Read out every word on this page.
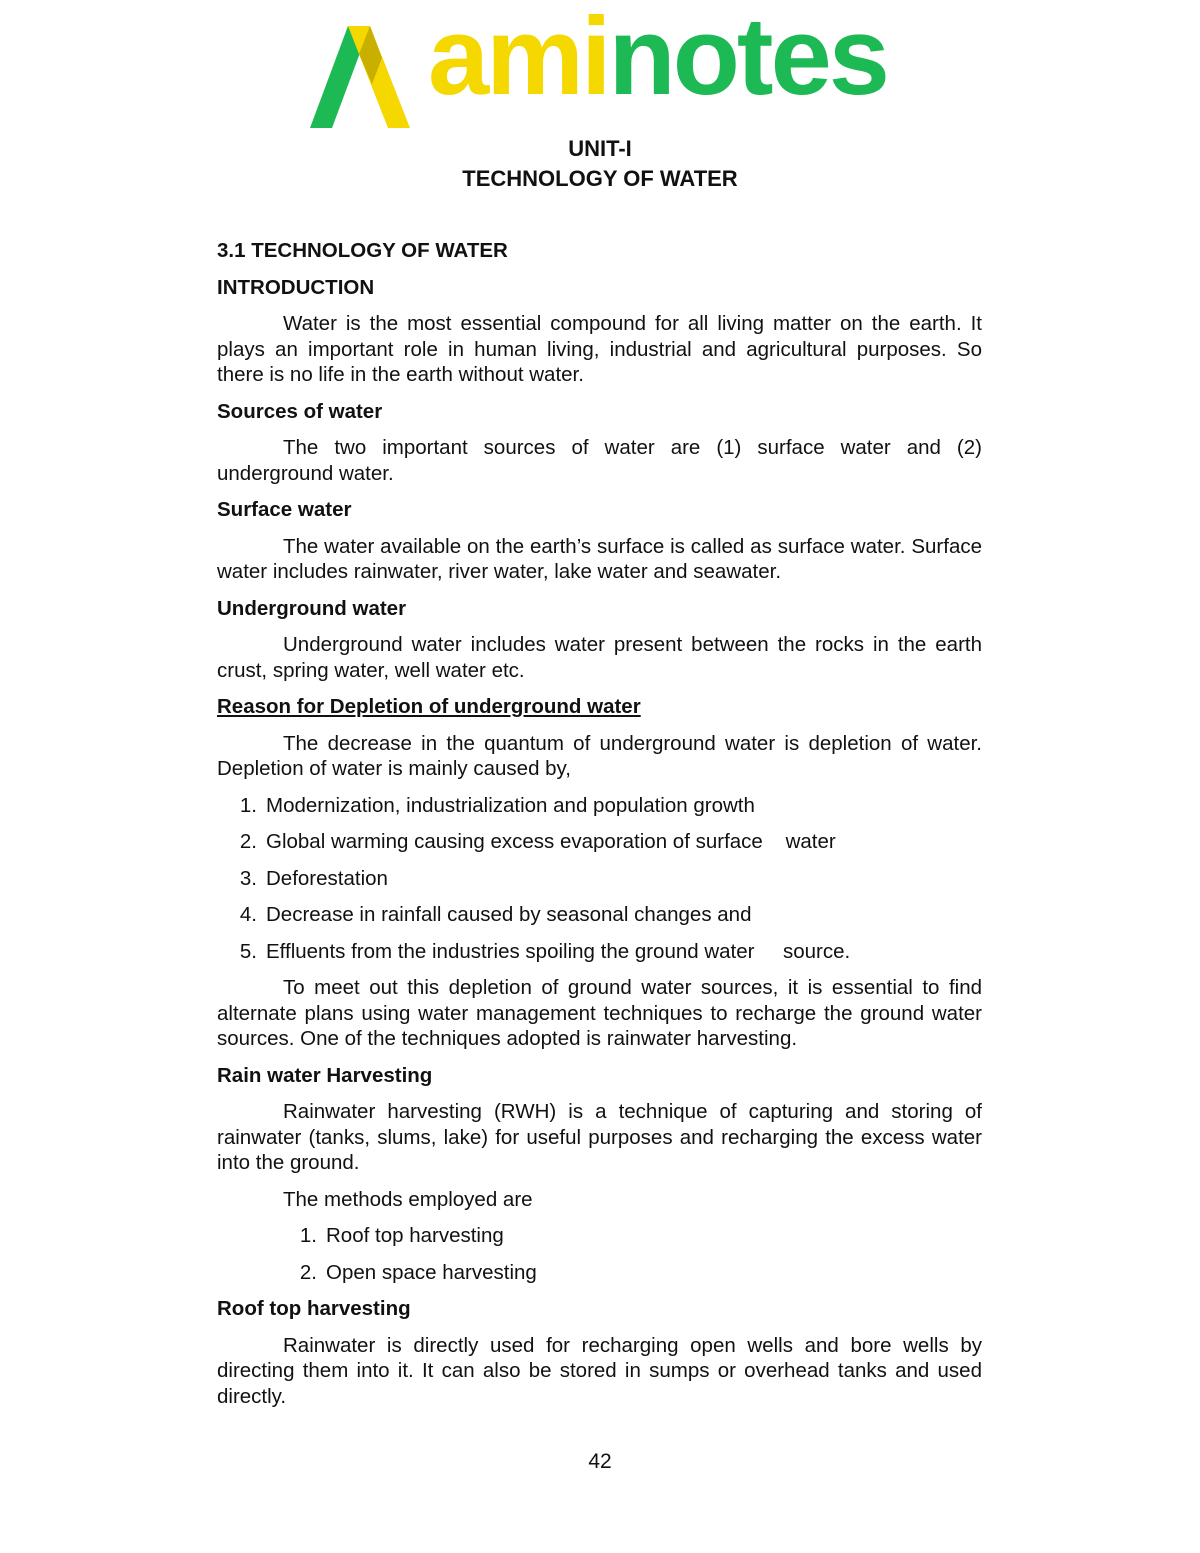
aminotes
UNIT-I
TECHNOLOGY OF WATER
3.1 TECHNOLOGY OF WATER
INTRODUCTION
Water is the most essential compound for all living matter on the earth. It plays an important role in human living, industrial and agricultural purposes. So there is no life in the earth without water.
Sources of water
The two important sources of water are (1) surface water and (2) underground water.
Surface water
The water available on the earth’s surface is called as surface water. Surface water includes rainwater, river water, lake water and seawater.
Underground water
Underground water includes water present between the rocks in the earth crust, spring water, well water etc.
Reason for Depletion of underground water
The decrease in the quantum of underground water is depletion of water. Depletion of water is mainly caused by,
1. Modernization, industrialization and population growth
2. Global warming causing excess evaporation of surface    water
3. Deforestation
4. Decrease in rainfall caused by seasonal changes and
5. Effluents from the industries spoiling the ground water     source.
To meet out this depletion of ground water sources, it is essential to find alternate plans using water management techniques to recharge the ground water sources. One of the techniques adopted is rainwater harvesting.
Rain water Harvesting
Rainwater harvesting (RWH) is a technique of capturing and storing of rainwater (tanks, slums, lake) for useful purposes and recharging the excess water into the ground.
The methods employed are
1. Roof top harvesting
2. Open space harvesting
Roof top harvesting
Rainwater is directly used for recharging open wells and bore wells by directing them into it. It can also be stored in sumps or overhead tanks and used directly.
42
